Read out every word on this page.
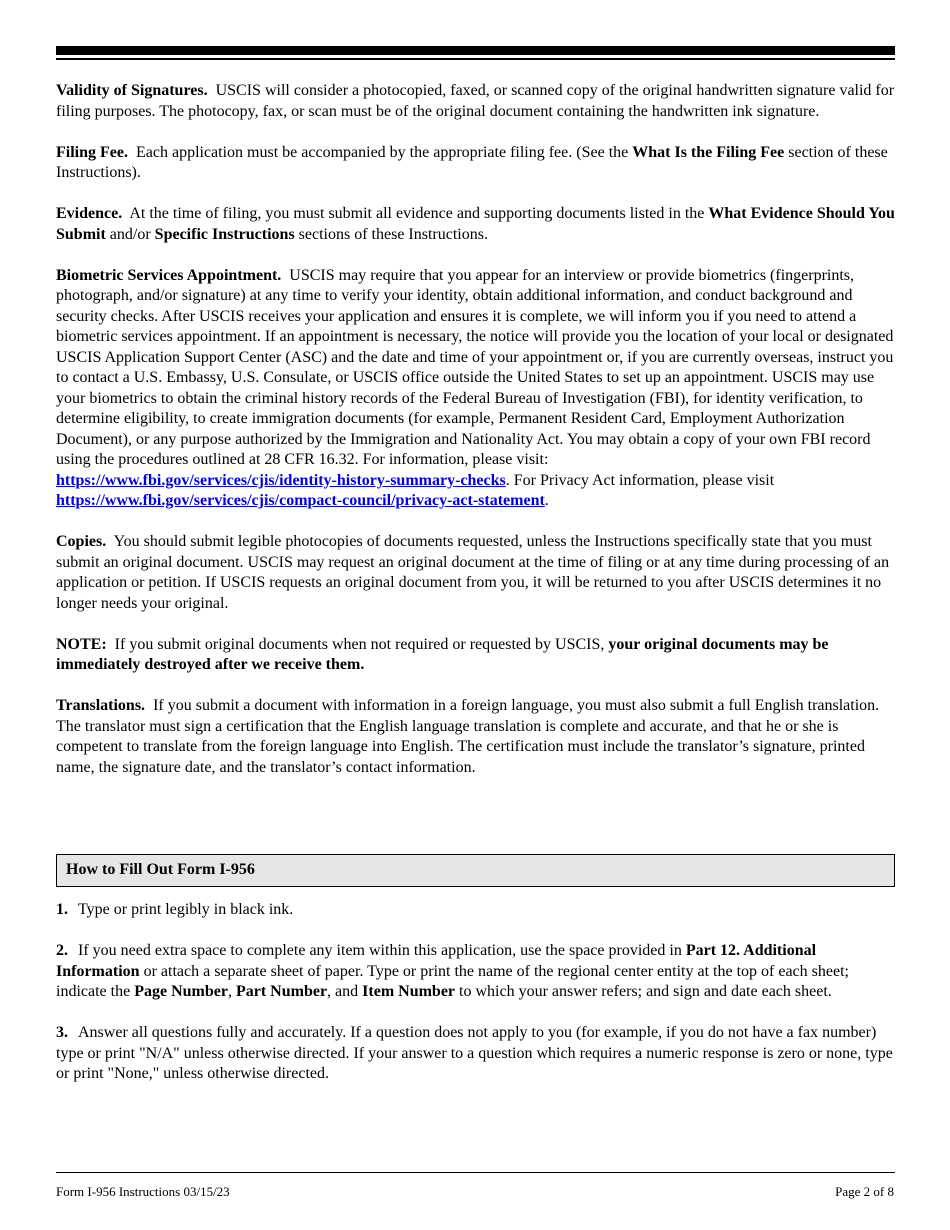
Validity of Signatures. USCIS will consider a photocopied, faxed, or scanned copy of the original handwritten signature valid for filing purposes. The photocopy, fax, or scan must be of the original document containing the handwritten ink signature.

Filing Fee. Each application must be accompanied by the appropriate filing fee. (See the What Is the Filing Fee section of these Instructions).

Evidence. At the time of filing, you must submit all evidence and supporting documents listed in the What Evidence Should You Submit and/or Specific Instructions sections of these Instructions.

Biometric Services Appointment. USCIS may require that you appear for an interview or provide biometrics (fingerprints, photograph, and/or signature) at any time to verify your identity, obtain additional information, and conduct background and security checks. After USCIS receives your application and ensures it is complete, we will inform you if you need to attend a biometric services appointment. If an appointment is necessary, the notice will provide you the location of your local or designated USCIS Application Support Center (ASC) and the date and time of your appointment or, if you are currently overseas, instruct you to contact a U.S. Embassy, U.S. Consulate, or USCIS office outside the United States to set up an appointment. USCIS may use your biometrics to obtain the criminal history records of the Federal Bureau of Investigation (FBI), for identity verification, to determine eligibility, to create immigration documents (for example, Permanent Resident Card, Employment Authorization Document), or any purpose authorized by the Immigration and Nationality Act. You may obtain a copy of your own FBI record using the procedures outlined at 28 CFR 16.32. For information, please visit:
https://www.fbi.gov/services/cjis/identity-history-summary-checks. For Privacy Act information, please visit
https://www.fbi.gov/services/cjis/compact-council/privacy-act-statement.

Copies. You should submit legible photocopies of documents requested, unless the Instructions specifically state that you must submit an original document. USCIS may request an original document at the time of filing or at any time during processing of an application or petition. If USCIS requests an original document from you, it will be returned to you after USCIS determines it no longer needs your original.

NOTE: If you submit original documents when not required or requested by USCIS, your original documents may be immediately destroyed after we receive them.

Translations. If you submit a document with information in a foreign language, you must also submit a full English translation. The translator must sign a certification that the English language translation is complete and accurate, and that he or she is competent to translate from the foreign language into English. The certification must include the translator’s signature, printed name, the signature date, and the translator’s contact information.

How to Fill Out Form I-956

1. Type or print legibly in black ink.

2. If you need extra space to complete any item within this application, use the space provided in Part 12. Additional Information or attach a separate sheet of paper. Type or print the name of the regional center entity at the top of each sheet; indicate the Page Number, Part Number, and Item Number to which your answer refers; and sign and date each sheet.

3. Answer all questions fully and accurately. If a question does not apply to you (for example, if you do not have a fax number) type or print "N/A" unless otherwise directed. If your answer to a question which requires a numeric response is zero or none, type or print "None," unless otherwise directed.

Form I-956 Instructions 03/15/23	Page 2 of 8
